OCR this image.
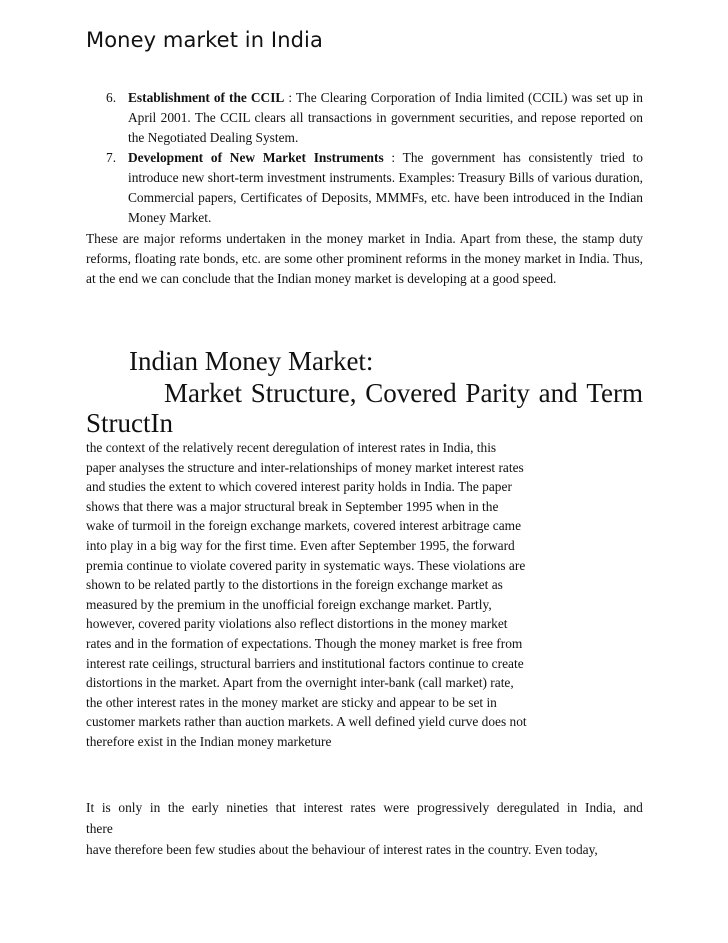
Money market in India
6. Establishment of the CCIL : The Clearing Corporation of India limited (CCIL) was set up in April 2001. The CCIL clears all transactions in government securities, and repose reported on the Negotiated Dealing System.
7. Development of New Market Instruments : The government has consistently tried to introduce new short-term investment instruments. Examples: Treasury Bills of various duration, Commercial papers, Certificates of Deposits, MMMFs, etc. have been introduced in the Indian Money Market.
These are major reforms undertaken in the money market in India. Apart from these, the stamp duty reforms, floating rate bonds, etc. are some other prominent reforms in the money market in India. Thus, at the end we can conclude that the Indian money market is developing at a good speed.
Indian Money Market:
Market Structure, Covered Parity and Term
StructIn
the context of the relatively recent deregulation of interest rates in India, this
paper analyses the structure and inter-relationships of money market interest rates
and studies the extent to which covered interest parity holds in India. The paper
shows that there was a major structural break in September 1995 when in the
wake of turmoil in the foreign exchange markets, covered interest arbitrage came
into play in a big way for the first time. Even after September 1995, the forward
premia continue to violate covered parity in systematic ways. These violations are
shown to be related partly to the distortions in the foreign exchange market as
measured by the premium in the unofficial foreign exchange market. Partly,
however, covered parity violations also reflect distortions in the money market
rates and in the formation of expectations. Though the money market is free from
interest rate ceilings, structural barriers and institutional factors continue to create
distortions in the market. Apart from the overnight inter-bank (call market) rate,
the other interest rates in the money market are sticky and appear to be set in
customer markets rather than auction markets. A well defined yield curve does not
therefore exist in the Indian money marketure
It is only in the early nineties that interest rates were progressively deregulated in India, and
there
have therefore been few studies about the behaviour of interest rates in the country. Even today,
